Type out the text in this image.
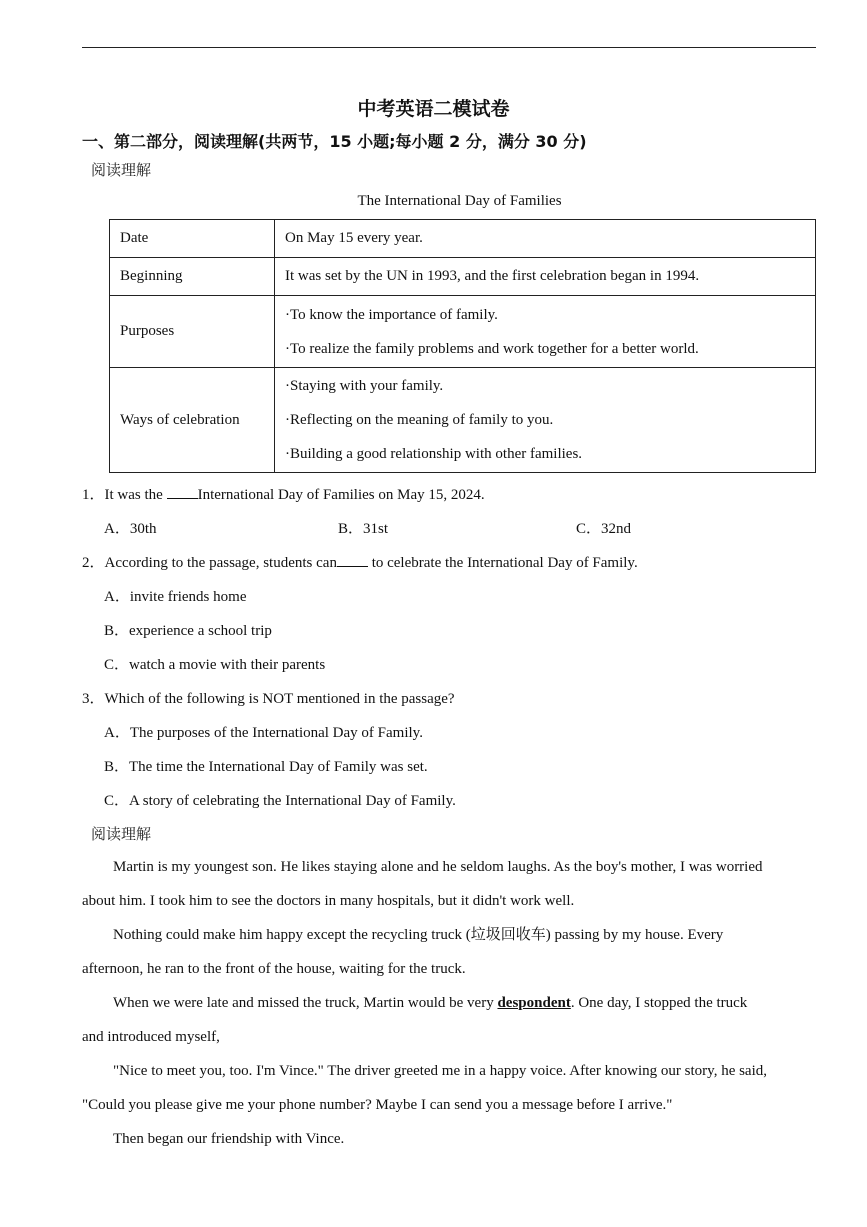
中考英语二模试卷
一、第二部分，阅读理解(共两节，15 小题;每小题 2 分，满分 30 分)
阅读理解
The International Day of Families
Date	On May 15 every year.

Beginning	It was set by the UN in 1993, and the first celebration began in 1994.

Purposes	·To know the importance of family.
·To realize the family problems and work together for a better world.

Ways of celebration	·Staying with your family.
·Reflecting on the meaning of family to you.
·Building a good relationship with other families.
1．It was the International Day of Families on May 15, 2024.
A．30th	B．31st	C．32nd
2．According to the passage, students can to celebrate the International Day of Family.
A．invite friends home
B．experience a school trip
C．watch a movie with their parents
3．Which of the following is NOT mentioned in the passage?
A．The purposes of the International Day of Family.
B．The time the International Day of Family was set.
C．A story of celebrating the International Day of Family.
阅读理解
Martin is my youngest son. He likes staying alone and he seldom laughs. As the boy's mother, I was worried
about him. I took him to see the doctors in many hospitals, but it didn't work well.
Nothing could make him happy except the recycling truck (垃圾回收车) passing by my house. Every
afternoon, he ran to the front of the house, waiting for the truck.
When we were late and missed the truck, Martin would be very despondent. One day, I stopped the truck
and introduced myself,
"Nice to meet you, too. I'm Vince." The driver greeted me in a happy voice. After knowing our story, he said,
"Could you please give me your phone number? Maybe I can send you a message before I arrive."
Then began our friendship with Vince.
